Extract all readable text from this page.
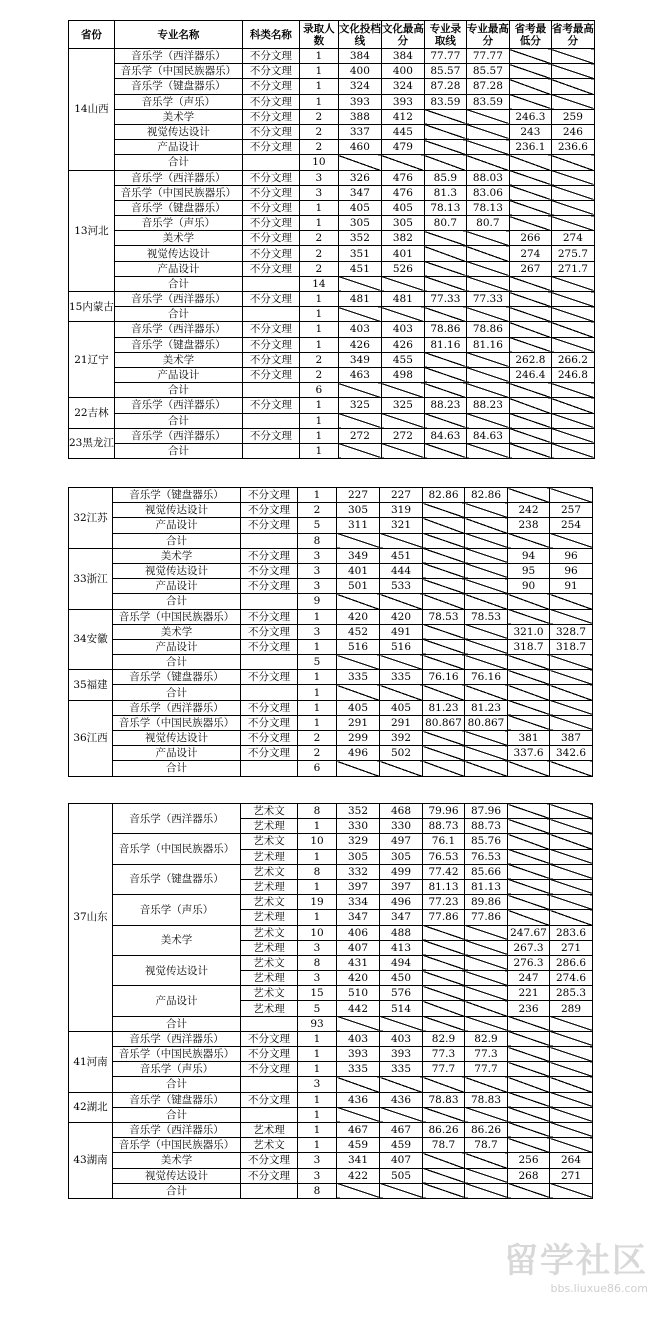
省份	专业名称	科类名称	录取人数	文化投档线	文化最高分	专业录取线	专业最高分	省考最低分	省考最高分
14山西	音乐学（西洋器乐）	不分文理	1	384	384	77.77	77.77		
	音乐学（中国民族器乐）	不分文理	1	400	400	85.57	85.57		
	音乐学（键盘器乐）	不分文理	1	324	324	87.28	87.28		
	音乐学（声乐）	不分文理	1	393	393	83.59	83.59		
	美术学	不分文理	2	388	412			246.3	259
	视觉传达设计	不分文理	2	337	445			243	246
	产品设计	不分文理	2	460	479			236.1	236.6
	合计		10						
13河北	音乐学（西洋器乐）	不分文理	3	326	476	85.9	88.03		
	音乐学（中国民族器乐）	不分文理	3	347	476	81.3	83.06		
	音乐学（键盘器乐）	不分文理	1	405	405	78.13	78.13		
	音乐学（声乐）	不分文理	1	305	305	80.7	80.7		
	美术学	不分文理	2	352	382			266	274
	视觉传达设计	不分文理	2	351	401			274	275.7
	产品设计	不分文理	2	451	526			267	271.7
	合计		14						
15内蒙古	音乐学（西洋器乐）	不分文理	1	481	481	77.33	77.33		
	合计		1						
21辽宁	音乐学（西洋器乐）	不分文理	1	403	403	78.86	78.86		
	音乐学（键盘器乐）	不分文理	1	426	426	81.16	81.16		
	美术学	不分文理	2	349	455			262.8	266.2
	产品设计	不分文理	2	463	498			246.4	246.8
	合计		6						
22吉林	音乐学（西洋器乐）	不分文理	1	325	325	88.23	88.23		
	合计		1						
23黑龙江	音乐学（西洋器乐）	不分文理	1	272	272	84.63	84.63		
	合计		1						
32江苏	音乐学（键盘器乐）	不分文理	1	227	227	82.86	82.86		
	视觉传达设计	不分文理	2	305	319			242	257
	产品设计	不分文理	5	311	321			238	254
	合计		8						
33浙江	美术学	不分文理	3	349	451			94	96
	视觉传达设计	不分文理	3	401	444			95	96
	产品设计	不分文理	3	501	533			90	91
	合计		9						
34安徽	音乐学（中国民族器乐）	不分文理	1	420	420	78.53	78.53		
	美术学	不分文理	3	452	491			321.0	328.7
	产品设计	不分文理	1	516	516			318.7	318.7
	合计		5						
35福建	音乐学（键盘器乐）	不分文理	1	335	335	76.16	76.16		
	合计		1						
36江西	音乐学（西洋器乐）	不分文理	1	405	405	81.23	81.23		
	音乐学（中国民族器乐）	不分文理	1	291	291	80.867	80.867		
	视觉传达设计	不分文理	2	299	392			381	387
	产品设计	不分文理	2	496	502			337.6	342.6
	合计		6						
37山东	音乐学（西洋器乐）	艺术文	8	352	468	79.96	87.96		
		艺术理	1	330	330	88.73	88.73		
	音乐学（中国民族器乐）	艺术文	10	329	497	76.1	85.76		
		艺术理	1	305	305	76.53	76.53		
	音乐学（键盘器乐）	艺术文	8	332	499	77.42	85.66		
		艺术理	1	397	397	81.13	81.13		
	音乐学（声乐）	艺术文	19	334	496	77.23	89.86		
		艺术理	1	347	347	77.86	77.86		
	美术学	艺术文	10	406	488			247.67	283.6
		艺术理	3	407	413			267.3	271
	视觉传达设计	艺术文	8	431	494			276.3	286.6
		艺术理	3	420	450			247	274.6
	产品设计	艺术文	15	510	576			221	285.3
		艺术理	5	442	514			236	289
	合计		93						
41河南	音乐学（西洋器乐）	不分文理	1	403	403	82.9	82.9		
	音乐学（中国民族器乐）	不分文理	1	393	393	77.3	77.3		
	音乐学（声乐）	不分文理	1	335	335	77.7	77.7		
	合计		3						
42湖北	音乐学（键盘器乐）	不分文理	1	436	436	78.83	78.83		
	合计		1						
43湖南	音乐学（西洋器乐）	艺术理	1	467	467	86.26	86.26		
	音乐学（中国民族器乐）	艺术文	1	459	459	78.7	78.7		
	美术学	不分文理	3	341	407			256	264
	视觉传达设计	不分文理	3	422	505			268	271
	合计		8						
留学社区
bbs.liuxue86.com
